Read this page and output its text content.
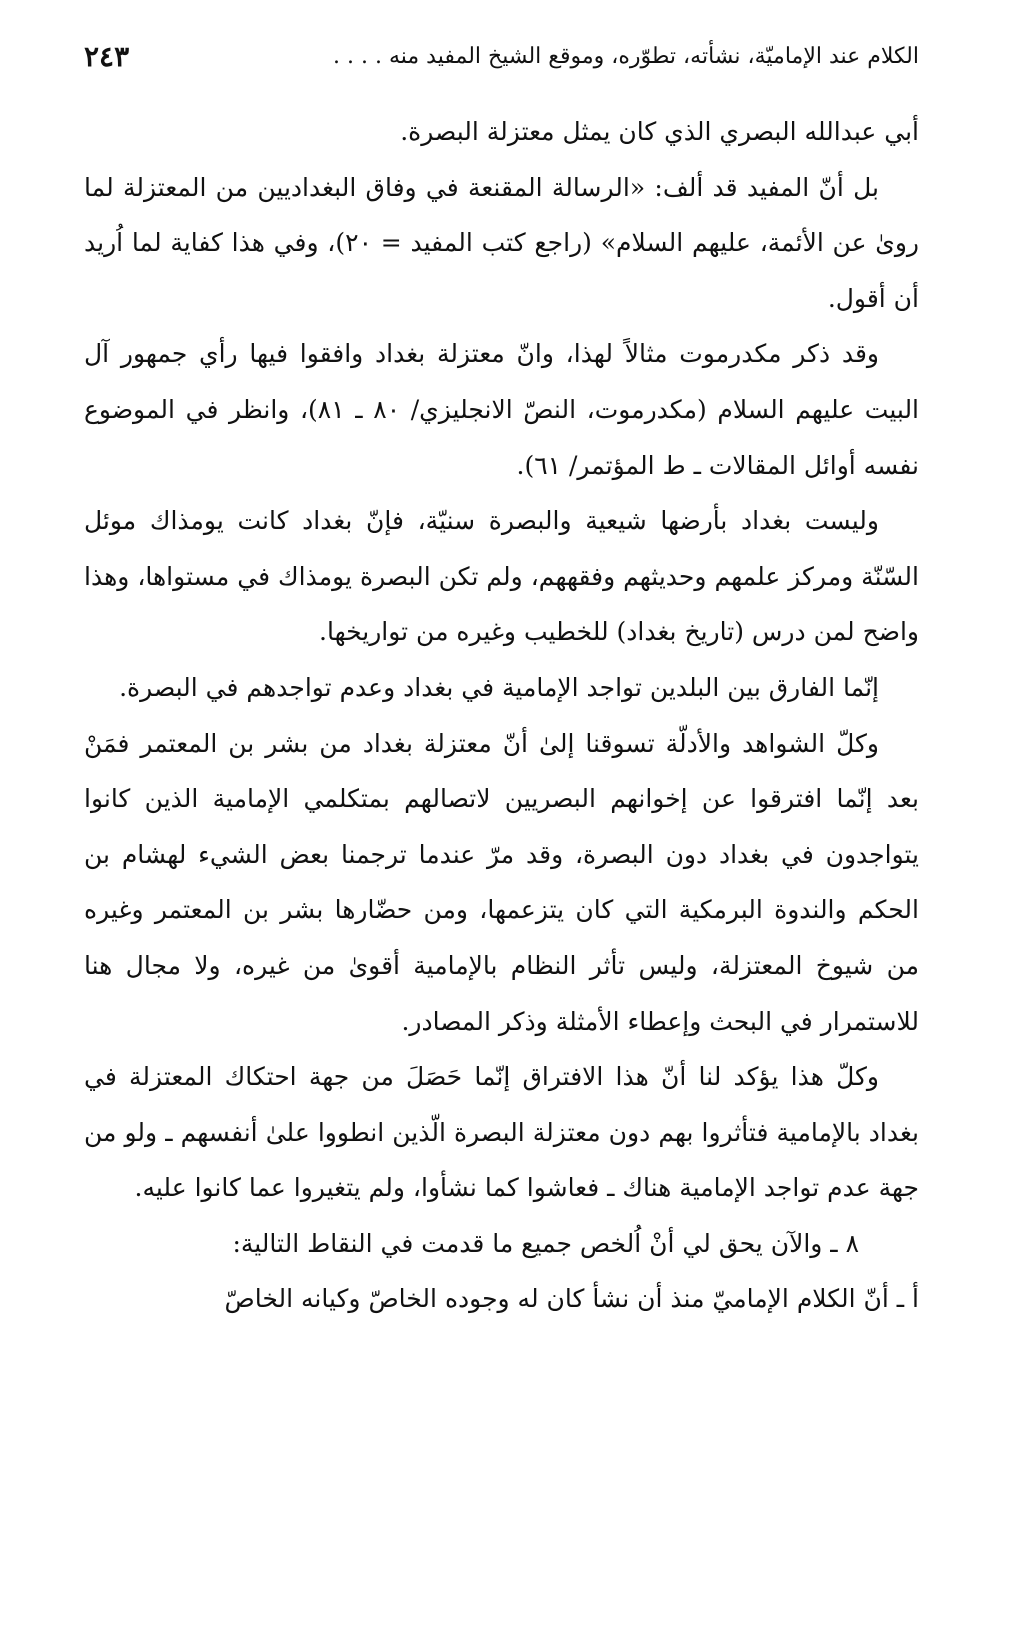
الكلام عند الإماميّة، نشأته، تطوّره، وموقع الشيخ المفيد منه . . . .
٢٤٣

أبي عبدالله البصري الذي كان يمثل معتزلة البصرة.

بل أنّ المفيد قد ألف: «الرسالة المقنعة في وفاق البغداديين من المعتزلة لما روىٰ عن الأئمة، عليهم السلام» (راجع كتب المفيد = ٢٠)، وفي هذا كفاية لما اُريد أن أقول.

وقد ذكر مكدرموت مثالاً لهذا، وانّ معتزلة بغداد وافقوا فيها رأي جمهور آل البيت عليهم السلام (مكدرموت، النصّ الانجليزي/ ٨٠ ـ ٨١)، وانظر في الموضوع نفسه أوائل المقالات ـ ط المؤتمر/ ٦١).

وليست بغداد بأرضها شيعية والبصرة سنيّة، فإنّ بغداد كانت يومذاك موئل السّنّة ومركز علمهم وحديثهم وفقههم، ولم تكن البصرة يومذاك في مستواها، وهذا واضح لمن درس (تاريخ بغداد) للخطيب وغيره من تواريخها.

إنّما الفارق بين البلدين تواجد الإمامية في بغداد وعدم تواجدهم في البصرة.

وكلّ الشواهد والأدلّة تسوقنا إلىٰ أنّ معتزلة بغداد من بشر بن المعتمر فمَنْ بعد إنّما افترقوا عن إخوانهم البصريين لاتصالهم بمتكلمي الإمامية الذين كانوا يتواجدون في بغداد دون البصرة، وقد مرّ عندما ترجمنا بعض الشيء لهشام بن الحكم والندوة البرمكية التي كان يتزعمها، ومن حضّارها بشر بن المعتمر وغيره من شيوخ المعتزلة، وليس تأثر النظام بالإمامية أقوىٰ من غيره، ولا مجال هنا للاستمرار في البحث وإعطاء الأمثلة وذكر المصادر.

وكلّ هذا يؤكد لنا أنّ هذا الافتراق إنّما حَصَلَ من جهة احتكاك المعتزلة في بغداد بالإمامية فتأثروا بهم دون معتزلة البصرة الّذين انطووا علىٰ أنفسهم ـ ولو من جهة عدم تواجد الإمامية هناك ـ فعاشوا كما نشأوا، ولم يتغيروا عما كانوا عليه.

٨ ـ والآن يحق لي أنْ اُلخص جميع ما قدمت في النقاط التالية:

أ ـ أنّ الكلام الإماميّ منذ أن نشأ كان له وجوده الخاصّ وكيانه الخاصّ
